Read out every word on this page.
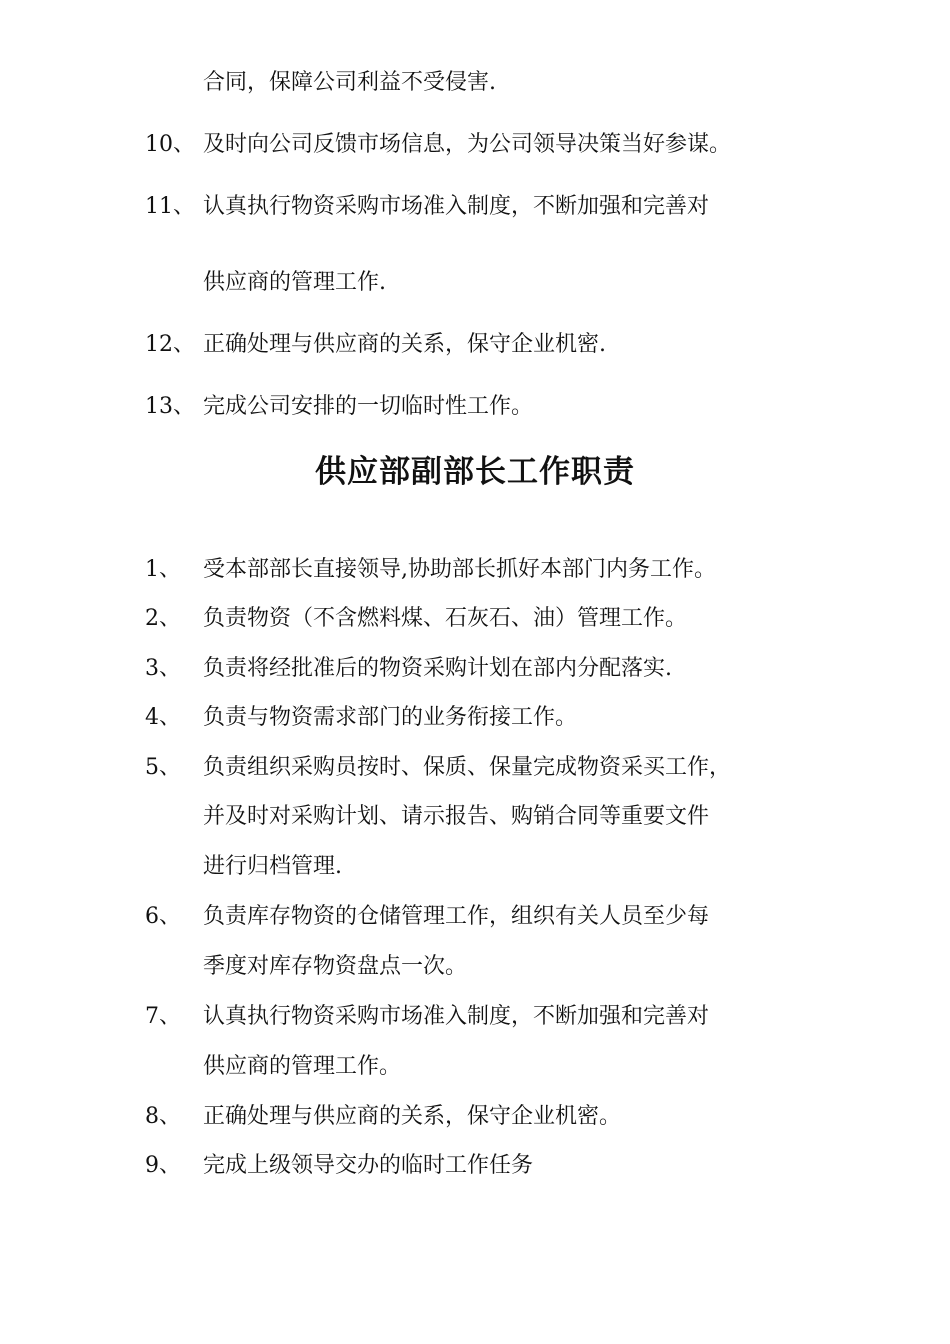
合同，保障公司利益不受侵害.
10、 及时向公司反馈市场信息，为公司领导决策当好参谋。
11、 认真执行物资采购市场准入制度，不断加强和完善对
供应商的管理工作.
12、 正确处理与供应商的关系，保守企业机密.
13、 完成公司安排的一切临时性工作。
供应部副部长工作职责
1、 受本部部长直接领导,协助部长抓好本部门内务工作。
2、 负责物资（不含燃料煤、石灰石、油）管理工作。
3、 负责将经批准后的物资采购计划在部内分配落实.
4、 负责与物资需求部门的业务衔接工作。
5、 负责组织采购员按时、保质、保量完成物资采买工作，
并及时对采购计划、请示报告、购销合同等重要文件
进行归档管理.
6、 负责库存物资的仓储管理工作，组织有关人员至少每
季度对库存物资盘点一次。
7、 认真执行物资采购市场准入制度，不断加强和完善对
供应商的管理工作。
8、 正确处理与供应商的关系，保守企业机密。
9、 完成上级领导交办的临时工作任务
